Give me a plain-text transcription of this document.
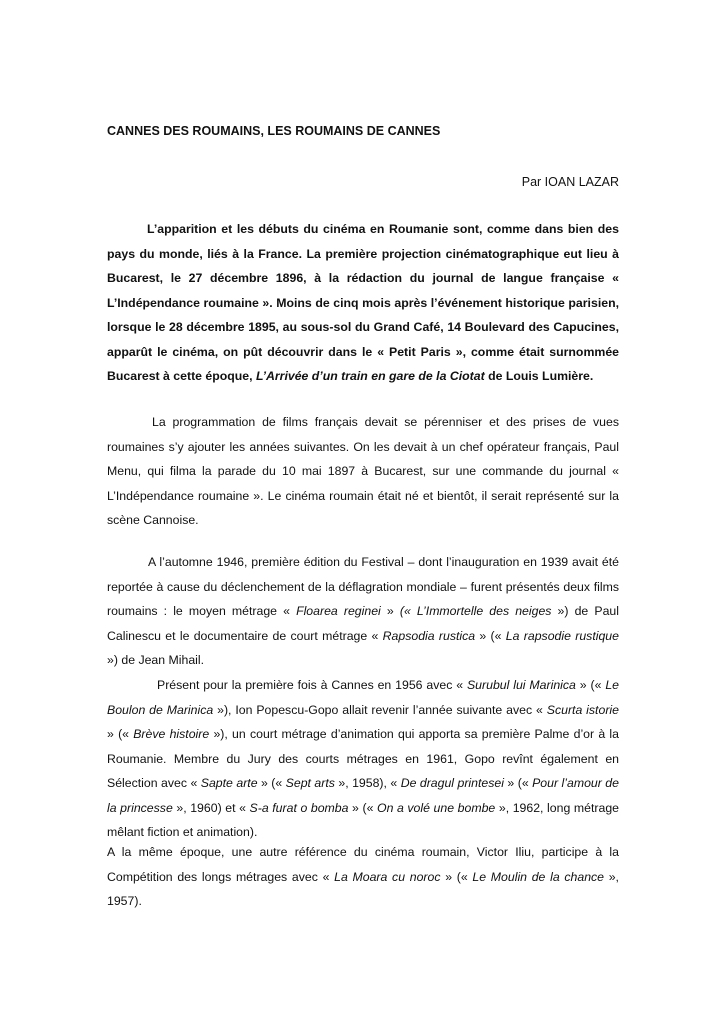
CANNES DES ROUMAINS, LES ROUMAINS DE CANNES
Par IOAN LAZAR

L’apparition et les débuts du cinéma en Roumanie sont, comme dans bien des pays du monde, liés à la France. La première projection cinématographique eut lieu à Bucarest, le 27 décembre 1896, à la rédaction du journal de langue française « L’Indépendance roumaine ». Moins de cinq mois après l’événement historique parisien, lorsque le 28 décembre 1895, au sous-sol du Grand Café, 14 Boulevard des Capucines, apparût le cinéma, on pût découvrir dans le « Petit Paris », comme était surnommée Bucarest à cette époque, L’Arrivée d’un train en gare de la Ciotat de Louis Lumière.

La programmation de films français devait se pérenniser et des prises de vues roumaines s’y ajouter les années suivantes. On les devait à un chef opérateur français, Paul Menu, qui filma la parade du 10 mai 1897 à Bucarest, sur une commande du journal « L’Indépendance roumaine ». Le cinéma roumain était né et bientôt, il serait représenté sur la scène Cannoise.

A l’automne 1946, première édition du Festival – dont l’inauguration en 1939 avait été reportée à cause du déclenchement de la déflagration mondiale – furent présentés deux films roumains : le moyen métrage « Floarea reginei » (« L’Immortelle des neiges ») de Paul Calinescu et le documentaire de court métrage « Rapsodia rustica » (« La rapsodie rustique ») de Jean Mihail.

Présent pour la première fois à Cannes en 1956 avec « Surubul lui Marinica » (« Le Boulon de Marinica »), Ion Popescu-Gopo allait revenir l’année suivante avec « Scurta istorie » (« Brève histoire »), un court métrage d’animation qui apporta sa première Palme d’or à la Roumanie. Membre du Jury des courts métrages en 1961, Gopo revînt également en Sélection avec « Sapte arte » (« Sept arts », 1958), « De dragul printesei » (« Pour l’amour de la princesse », 1960) et « S-a furat o bomba » (« On a volé une bombe », 1962, long métrage mêlant fiction et animation).

A la même époque, une autre référence du cinéma roumain, Victor Iliu, participe à la Compétition des longs métrages avec « La Moara cu noroc » (« Le Moulin de la chance », 1957).
